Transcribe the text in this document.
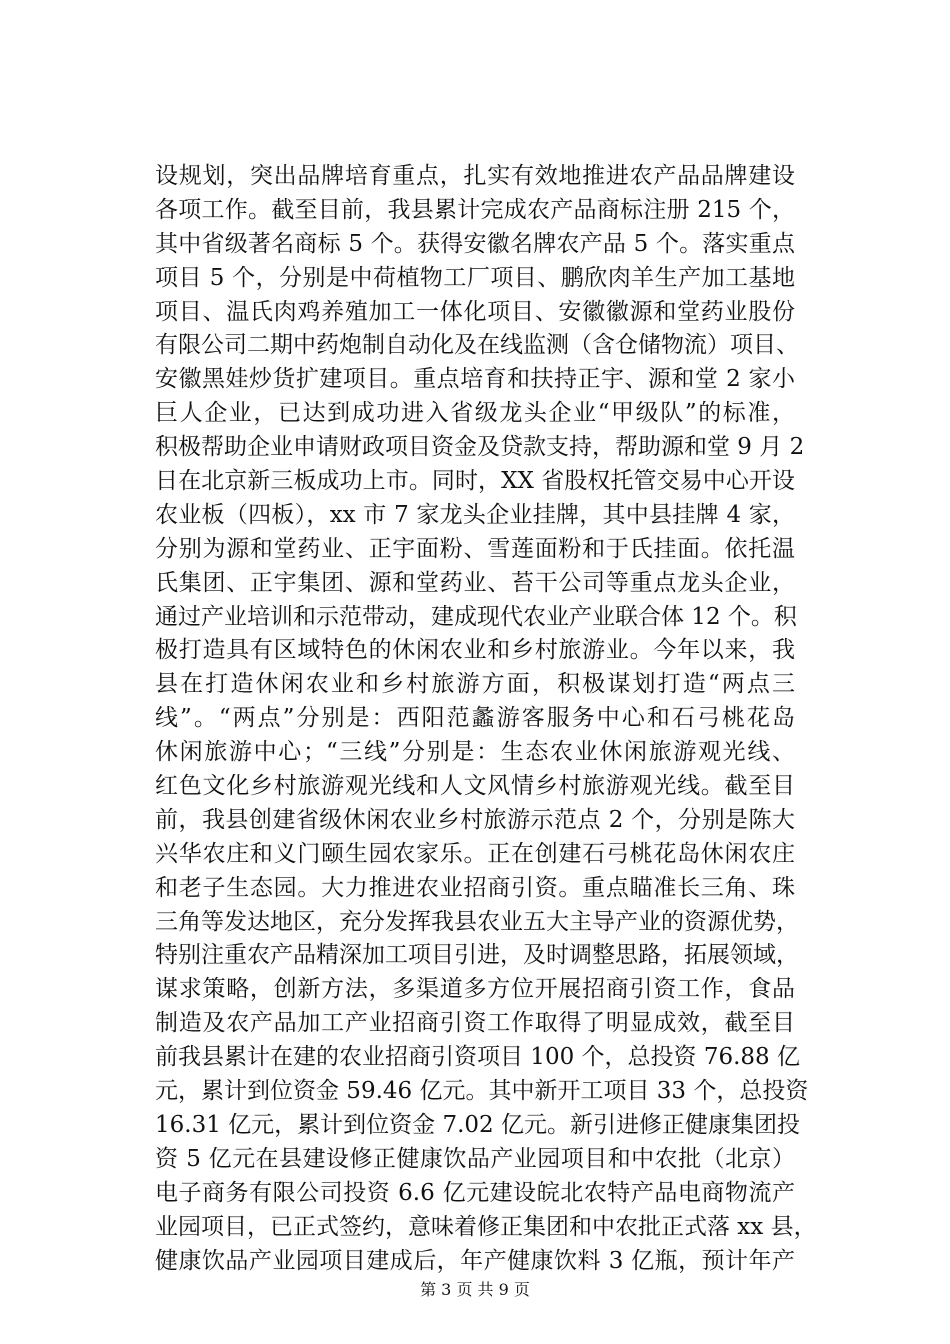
设规划，突出品牌培育重点，扎实有效地推进农产品品牌建设
各项工作。截至目前，我县累计完成农产品商标注册 215 个，
其中省级著名商标 5 个。获得安徽名牌农产品 5 个。落实重点
项目 5 个，分别是中荷植物工厂项目、鹏欣肉羊生产加工基地
项目、温氏肉鸡养殖加工一体化项目、安徽徽源和堂药业股份
有限公司二期中药炮制自动化及在线监测（含仓储物流）项目、
安徽黑娃炒货扩建项目。重点培育和扶持正宇、源和堂 2 家小
巨人企业，已达到成功进入省级龙头企业“甲级队”的标准，
积极帮助企业申请财政项目资金及贷款支持，帮助源和堂 9 月 2
日在北京新三板成功上市。同时，XX 省股权托管交易中心开设
农业板（四板），xx 市 7 家龙头企业挂牌，其中县挂牌 4 家，
分别为源和堂药业、正宇面粉、雪莲面粉和于氏挂面。依托温
氏集团、正宇集团、源和堂药业、苔干公司等重点龙头企业，
通过产业培训和示范带动，建成现代农业产业联合体 12 个。积
极打造具有区域特色的休闲农业和乡村旅游业。今年以来，我
县在打造休闲农业和乡村旅游方面，积极谋划打造“两点三
线”。“两点”分别是：西阳范蠡游客服务中心和石弓桃花岛
休闲旅游中心；“三线”分别是：生态农业休闲旅游观光线、
红色文化乡村旅游观光线和人文风情乡村旅游观光线。截至目
前，我县创建省级休闲农业乡村旅游示范点 2 个，分别是陈大
兴华农庄和义门颐生园农家乐。正在创建石弓桃花岛休闲农庄
和老子生态园。大力推进农业招商引资。重点瞄准长三角、珠
三角等发达地区，充分发挥我县农业五大主导产业的资源优势，
特别注重农产品精深加工项目引进，及时调整思路，拓展领域，
谋求策略，创新方法，多渠道多方位开展招商引资工作，食品
制造及农产品加工产业招商引资工作取得了明显成效，截至目
前我县累计在建的农业招商引资项目 100 个，总投资 76.88 亿
元，累计到位资金 59.46 亿元。其中新开工项目 33 个，总投资
16.31 亿元，累计到位资金 7.02 亿元。新引进修正健康集团投
资 5 亿元在县建设修正健康饮品产业园项目和中农批（北京）
电子商务有限公司投资 6.6 亿元建设皖北农特产品电商物流产
业园项目，已正式签约，意味着修正集团和中农批正式落 xx 县，
健康饮品产业园项目建成后，年产健康饮料 3 亿瓶，预计年产
第 3 页 共 9 页
